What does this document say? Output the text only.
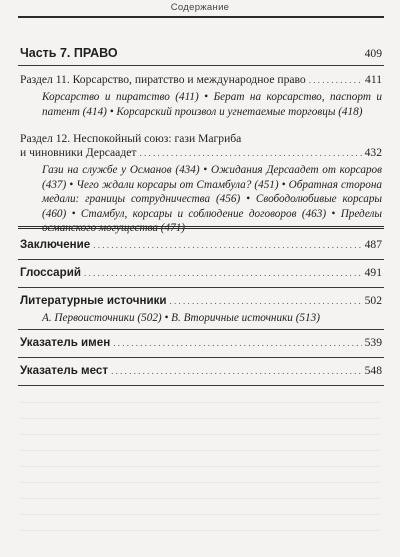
Содержание
Часть 7. ПРАВО	409
Раздел 11. Корсарство, пиратство и международное право . . .	411
Корсарство и пиратство (411) • Берат на корсарство, паспорт и патент (414) • Корсарский произвол и угнетаемые торговцы (418)
Раздел 12. Неспокойный союз: гази Магриба
и чиновники Дерсаадет . . .	432
Гази на службе у Османов (434) • Ожидания Дерсаадет от корсаров (437) • Чего ждали корсары от Стамбула? (451) • Обратная сторона медали: границы сотрудничества (456) • Свободолюбивые корсары (460) • Стамбул, корсары и соблюдение договоров (463) • Пределы османского могущества (471)
Заключение . . .	487
Глоссарий . . .	491
Литературные источники . . .	502
А. Первоисточники (502) • В. Вторичные источники (513)
Указатель имен . . .	539
Указатель мест . . .	548
